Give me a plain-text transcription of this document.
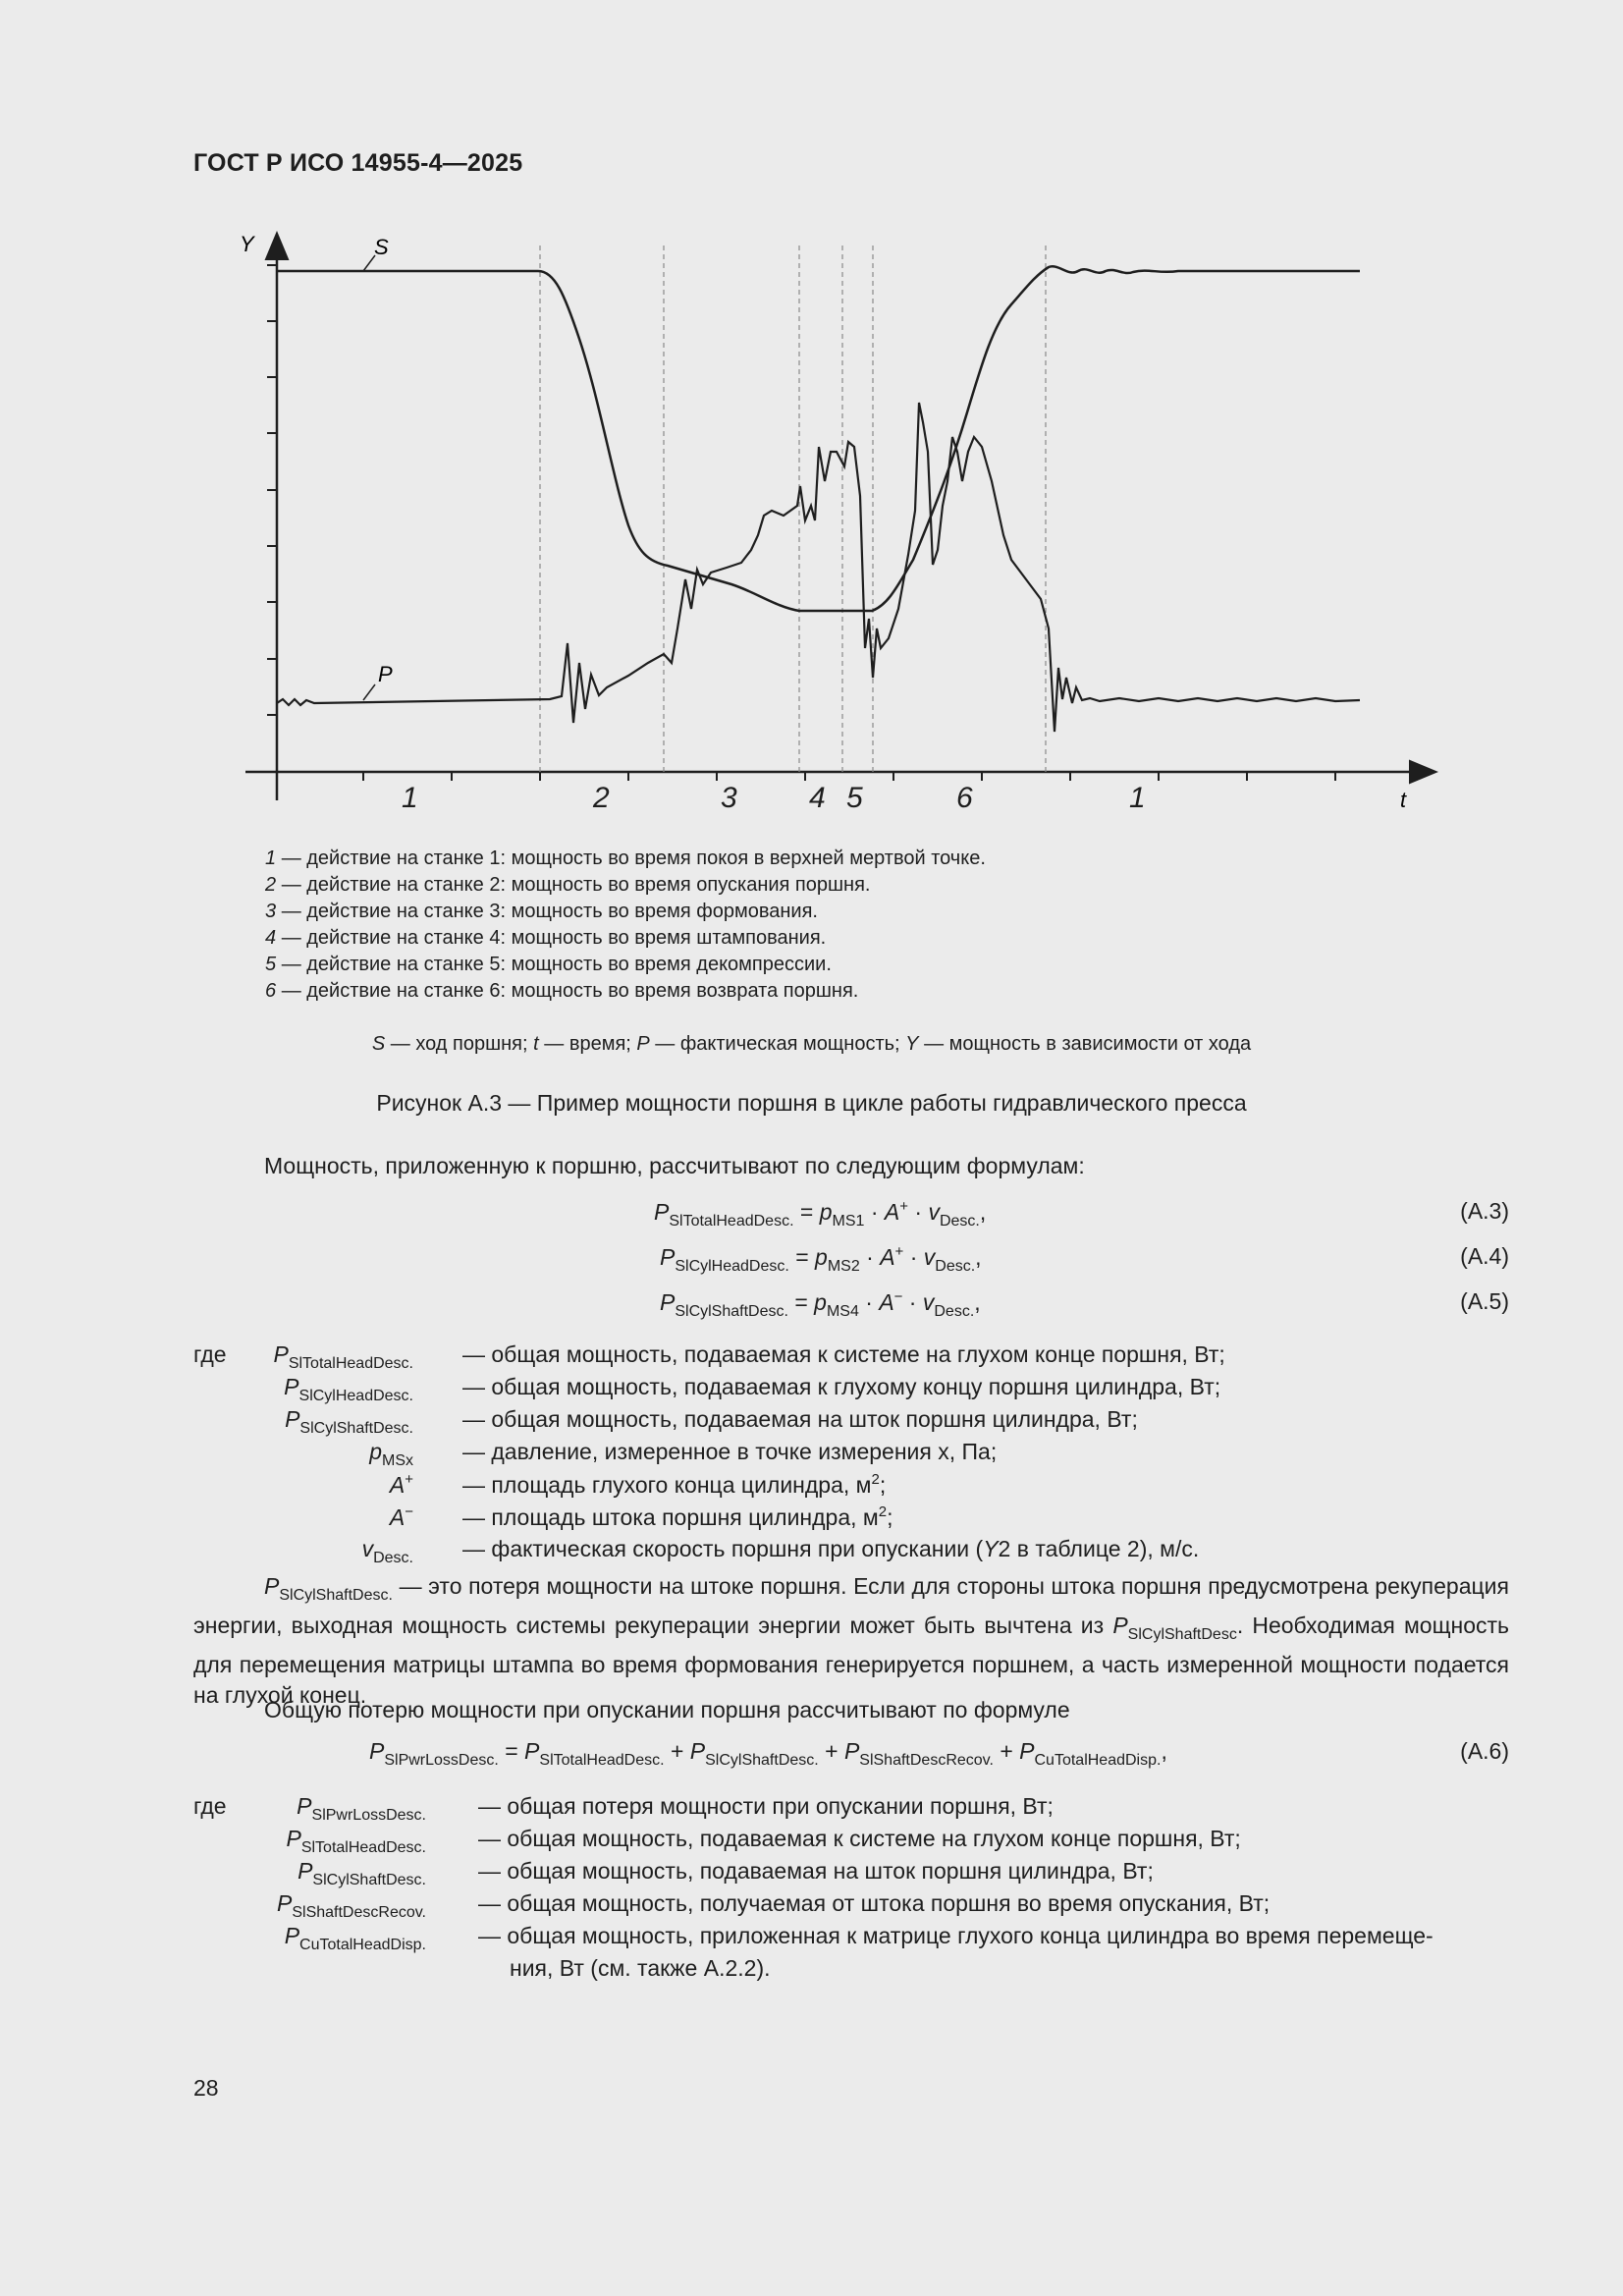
ГОСТ Р ИСО 14955-4—2025
Y
t
S
P
1	2	3 4 5	6	1
1 — действие на станке 1: мощность во время покоя в верхней мертвой точке.
2 — действие на станке 2: мощность во время опускания поршня.
3 — действие на станке 3: мощность во время формования.
4 — действие на станке 4: мощность во время штампования.
5 — действие на станке 5: мощность во время декомпрессии.
6 — действие на станке 6: мощность во время возврата поршня.
S — ход поршня; t — время; P — фактическая мощность; Y — мощность в зависимости от хода
Рисунок А.3 — Пример мощности поршня в цикле работы гидравлического пресса
Мощность, приложенную к поршню, рассчитывают по следующим формулам:
$P_{SlTotalHeadDesc.} = p_{MS1} \cdot A^+ \cdot v_{Desc.}$,	(А.3)
$P_{SlCylHeadDesc.} = p_{MS2} \cdot A^+ \cdot v_{Desc.}$,	(А.4)
$P_{SlCylShaftDesc.} = p_{MS4} \cdot A^- \cdot v_{Desc.}$,	(А.5)
где $P_{SlTotalHeadDesc.}$ — общая мощность, подаваемая к системе на глухом конце поршня, Вт;
$P_{SlCylHeadDesc.}$ — общая мощность, подаваемая к глухому концу поршня цилиндра, Вт;
$P_{SlCylShaftDesc.}$ — общая мощность, подаваемая на шток поршня цилиндра, Вт;
$p_{MSx}$ — давление, измеренное в точке измерения x, Па;
A+ — площадь глухого конца цилиндра, $м^2$;
A− — площадь штока поршня цилиндра, $м^2$;
$v_{Desc.}$ — фактическая скорость поршня при опускании (Y2 в таблице 2), м/с.
$P_{SlCylShaftDesc.}$ — это потеря мощности на штоке поршня. Если для стороны штока поршня предусмотрена рекуперация энергии, выходная мощность системы рекуперации энергии может быть вычтена из $P_{SlCylShaftDesc}$. Необходимая мощность для перемещения матрицы штампа во время формования генерируется поршнем, а часть измеренной мощности подается на глухой конец.
Общую потерю мощности при опускании поршня рассчитывают по формуле
$P_{SlPwrLossDesc.} = P_{SlTotalHeadDesc.} + P_{SlCylShaftDesc.} + P_{SlShaftDescRecov.} + P_{CuTotalHeadDisp.}$,	(А.6)
где	$P_{SlPwrLossDesc.}$ — общая потеря мощности при опускании поршня, Вт;
$P_{SlTotalHeadDesc.}$ — общая мощность, подаваемая к системе на глухом конце поршня, Вт;
$P_{SlCylShaftDesc.}$ — общая мощность, подаваемая на шток поршня цилиндра, Вт;
$P_{SlShaftDescRecov.}$ — общая мощность, получаемая от штока поршня во время опускания, Вт;
$P_{CuTotalHeadDisp.}$ — общая мощность, приложенная к матрице глухого конца цилиндра во время перемеще-
ния, Вт (см. также А.2.2).
28
